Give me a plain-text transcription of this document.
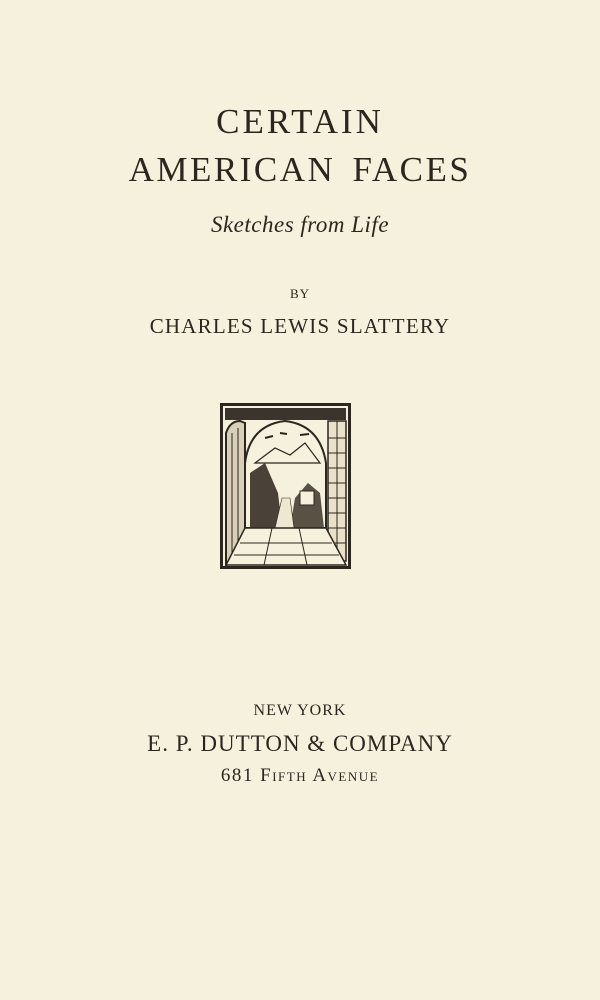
CERTAIN
AMERICAN FACES
Sketches from Life
BY
CHARLES LEWIS SLATTERY
NEW YORK
E. P. DUTTON & COMPANY
681 Fifth Avenue
